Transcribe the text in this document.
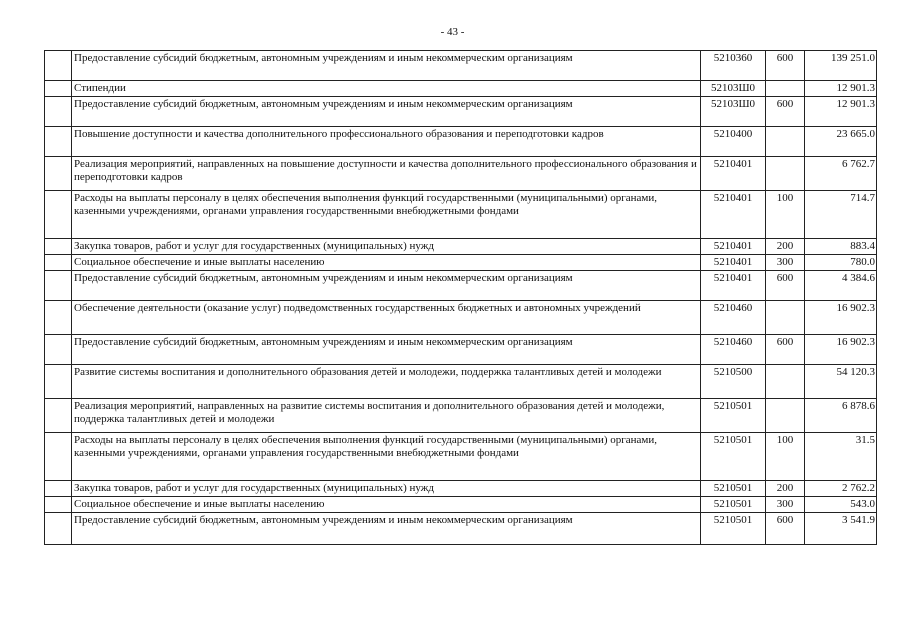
- 43 -
	Предоставление субсидий бюджетным, автономным учреждениям и иным некоммерческим организациям	5210360	600	139 251.0
	Стипендии	52103Ш0		12 901.3
	Предоставление субсидий бюджетным, автономным учреждениям и иным некоммерческим организациям	52103Ш0	600	12 901.3
	Повышение доступности и качества дополнительного профессионального образования и переподготовки кадров	5210400		23 665.0
	Реализация мероприятий, направленных на повышение доступности и качества дополнительного профессионального образования и переподготовки кадров	5210401		6 762.7
	Расходы на выплаты персоналу в целях обеспечения выполнения функций государственными (муниципальными) органами, казенными учреждениями, органами управления государственными внебюджетными фондами	5210401	100	714.7
	Закупка товаров, работ и услуг для государственных (муниципальных) нужд	5210401	200	883.4
	Социальное обеспечение и иные выплаты населению	5210401	300	780.0
	Предоставление субсидий бюджетным, автономным учреждениям и иным некоммерческим организациям	5210401	600	4 384.6
	Обеспечение деятельности (оказание услуг) подведомственных государственных бюджетных и автономных учреждений	5210460		16 902.3
	Предоставление субсидий бюджетным, автономным учреждениям и иным некоммерческим организациям	5210460	600	16 902.3
	Развитие системы воспитания и дополнительного образования детей и молодежи, поддержка талантливых детей и молодежи	5210500		54 120.3
	Реализация мероприятий, направленных на развитие системы воспитания и дополнительного образования детей и молодежи, поддержка талантливых детей и молодежи	5210501		6 878.6
	Расходы на выплаты персоналу в целях обеспечения выполнения функций государственными (муниципальными) органами, казенными учреждениями, органами управления государственными внебюджетными фондами	5210501	100	31.5
	Закупка товаров, работ и услуг для государственных (муниципальных) нужд	5210501	200	2 762.2
	Социальное обеспечение и иные выплаты населению	5210501	300	543.0
	Предоставление субсидий бюджетным, автономным учреждениям и иным некоммерческим организациям	5210501	600	3 541.9
